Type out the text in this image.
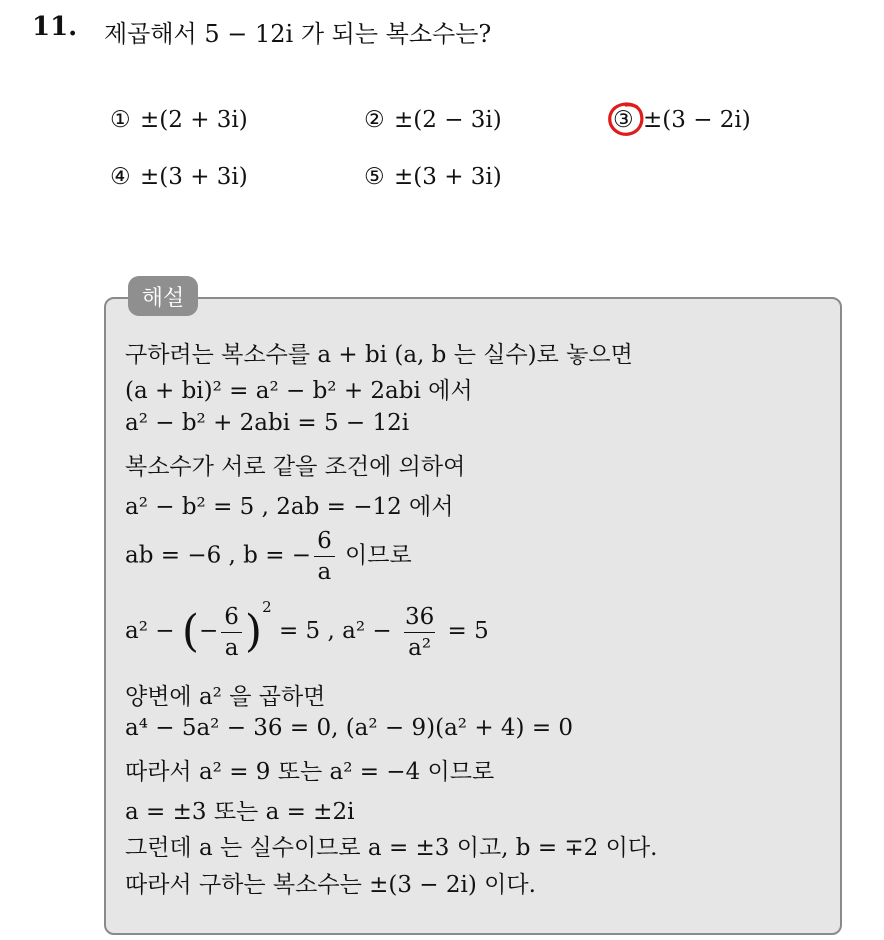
11. 제곱해서 5 − 12i 가 되는 복소수는?
① ±(2 + 3i)	② ±(2 − 3i)	③ ±(3 − 2i)
④ ±(3 + 3i)	⑤ ±(3 + 3i)
해설
구하려는 복소수를 a + bi (a, b 는 실수)로 놓으면
(a + bi)² = a² − b² + 2abi 에서
a² − b² + 2abi = 5 − 12i
복소수가 서로 같을 조건에 의하여
a² − b² = 5 , 2ab = −12 에서
ab = −6 , b = − $\frac{6}{a}$ 이므로
a² − (− $\frac{6}{a} )^2 = 5$ , $a^2 - \frac{36}{\text{a²}} = 5$
양변에 a² 을 곱하면
a⁴ − 5a² − 36 = 0, (a² − 9)(a² + 4) = 0
따라서 a² = 9 또는 a² = −4 이므로
a = ±3 또는 a = ±2i
그런데 a 는 실수이므로 a = ±3 이고, b = ∓2 이다.
따라서 구하는 복소수는 ±(3 − 2i) 이다.
